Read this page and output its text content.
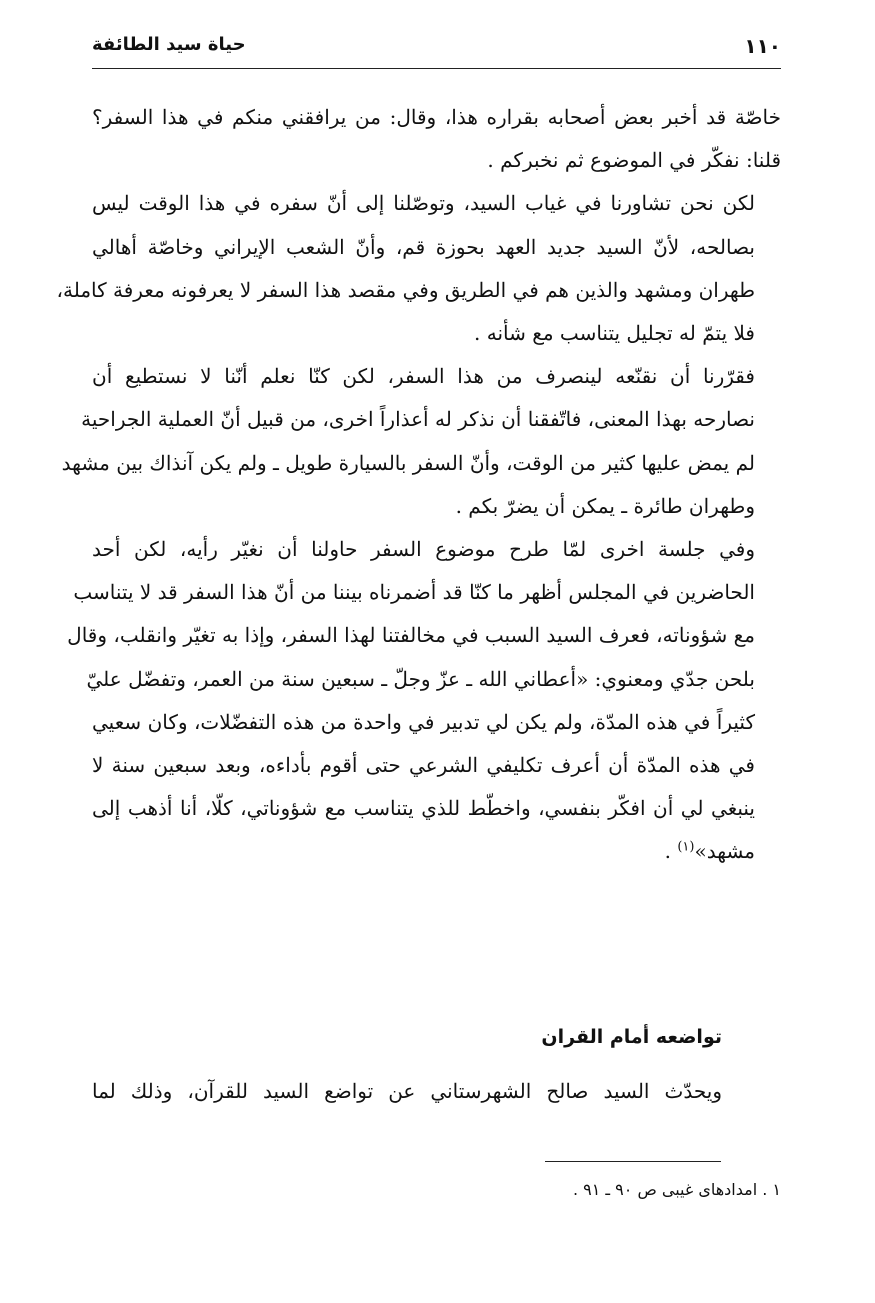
١١٠
حياة سيد الطائفة

خاصّة قد أخبر بعض أصحابه بقراره هذا، وقال: من يرافقني منكم في هذا السفر؟
قلنا: نفكّر في الموضوع ثم نخبركم .

لكن نحن تشاورنا في غياب السيد، وتوصّلنا إلى أنّ سفره في هذا الوقت ليس
بصالحه، لأنّ السيد جديد العهد بحوزة قم، وأنّ الشعب الإيراني وخاصّة أهالي
طهران ومشهد والذين هم في الطريق وفي مقصد هذا السفر لا يعرفونه معرفة كاملة،
فلا يتمّ له تجليل يتناسب مع شأنه .

فقرّرنا أن نقنّعه لينصرف من هذا السفر، لكن كنّا نعلم أنّنا لا نستطيع أن
نصارحه بهذا المعنى، فاتّفقنا أن نذكر له أعذاراً اخرى، من قبيل أنّ العملية الجراحية
لم يمض عليها كثير من الوقت، وأنّ السفر بالسيارة طويل ـ ولم يكن آنذاك بين مشهد
وطهران طائرة ـ يمكن أن يضرّ بكم .

وفي جلسة اخرى لمّا طرح موضوع السفر حاولنا أن نغيّر رأيه، لكن أحد
الحاضرين في المجلس أظهر ما كنّا قد أضمرناه بيننا من أنّ هذا السفر قد لا يتناسب
مع شؤوناته، فعرف السيد السبب في مخالفتنا لهذا السفر، وإذا به تغيّر وانقلب، وقال
بلحن جدّي ومعنوي: «أعطاني الله ـ عزّ وجلّ ـ سبعين سنة من العمر، وتفضّل عليّ
كثيراً في هذه المدّة، ولم يكن لي تدبير في واحدة من هذه التفضّلات، وكان سعيي
في هذه المدّة أن أعرف تكليفي الشرعي حتى أقوم بأداءه، وبعد سبعين سنة لا
ينبغي لي أن افكّر بنفسي، واخطّط للذي يتناسب مع شؤوناتي، كلّا، أنا أذهب إلى
مشهد»$^{(١)}$ .

تواضعه أمام القران
ويحدّث السيد صالح الشهرستاني عن تواضع السيد للقرآن، وذلك لما
١ . امدادهای غیبی ص ٩٠ ـ ٩١ .
